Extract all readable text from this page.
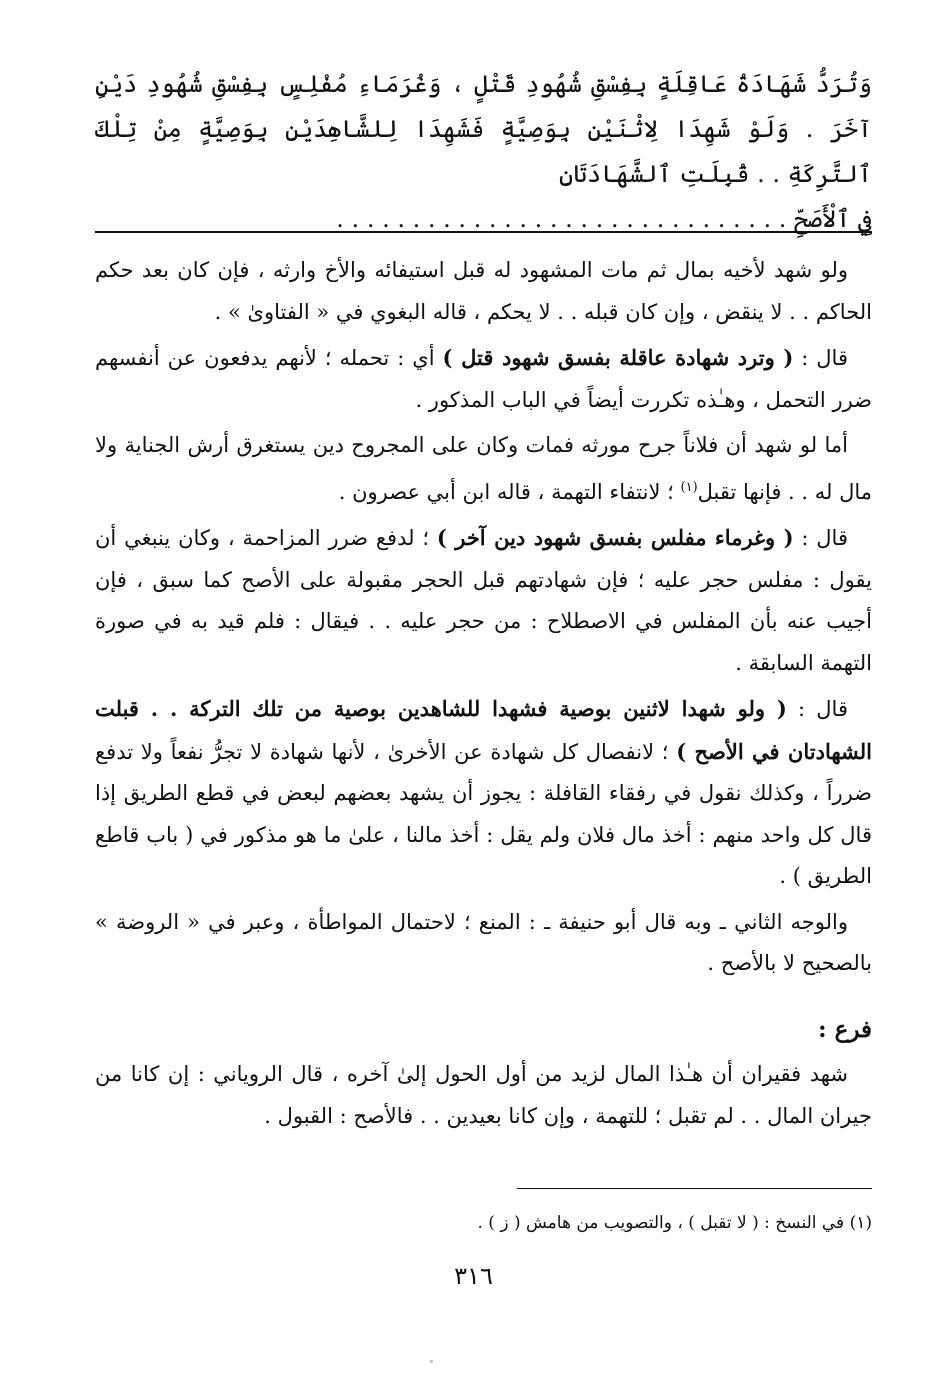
وَتُرَدُّ شَهَادَةُ عَاقِلَةٍ بِفِسْقِ شُهُودِ قَتْلٍ ، وَغُرَمَاءِ مُفْلِسٍ بِفِسْقِ شُهُودِ دَيْنٍ آخَرَ . وَلَوْ شَهِدَا لِاثْنَيْنِ بِوَصِيَّةٍ فَشَهِدَا لِلشَّاهِدَيْنِ بِوَصِيَّةٍ مِنْ تِلْكَ ٱلتَّرِكَةِ . . قُبِلَتِ ٱلشَّهَادَتَانِ

فِي ٱلْأَصَحِّ . . . . . . . . . . . . . . . . . . . . . . . . . . . . . .

ولو شهد لأخيه بمال ثم مات المشهود له قبل استيفائه والأخ وارثه ، فإن كان بعد حكم الحاكم . . لا ينقض ، وإن كان قبله . . لا يحكم ، قاله البغوي في « الفتاوىٰ » .

قال : ( وترد شهادة عاقلة بفسق شهود قتل ) أي : تحمله ؛ لأنهم يدفعون عن أنفسهم ضرر التحمل ، وهـٰذه تكررت أيضاً في الباب المذكور .

أما لو شهد أن فلاناً جرح مورثه فمات وكان على المجروح دين يستغرق أرش الجناية ولا مال له . . فإنها تقبل$^{(١)}$ ؛ لانتفاء التهمة ، قاله ابن أبي عصرون .

قال : ( وغرماء مفلس بفسق شهود دين آخر ) ؛ لدفع ضرر المزاحمة ، وكان ينبغي أن يقول : مفلس حجر عليه ؛ فإن شهادتهم قبل الحجر مقبولة على الأصح كما سبق ، فإن أجيب عنه بأن المفلس في الاصطلاح : من حجر عليه . . فيقال : فلم قيد به في صورة التهمة السابقة .

قال : ( ولو شهدا لاثنين بوصية فشهدا للشاهدين بوصية من تلك التركة . . قبلت الشهادتان في الأصح ) ؛ لانفصال كل شهادة عن الأخرىٰ ، لأنها شهادة لا تجرُّ نفعاً ولا تدفع ضرراً ، وكذلك نقول في رفقاء القافلة : يجوز أن يشهد بعضهم لبعض في قطع الطريق إذا قال كل واحد منهم : أخذ مال فلان ولم يقل : أخذ مالنا ، علىٰ ما هو مذكور في ( باب قاطع الطريق ) .

والوجه الثاني ـ وبه قال أبو حنيفة ـ : المنع ؛ لاحتمال المواطأة ، وعبر في « الروضة » بالصحيح لا بالأصح .

فرع :

شهد فقيران أن هـٰذا المال لزيد من أول الحول إلىٰ آخره ، قال الروياني : إن كانا من جيران المال . . لم تقبل ؛ للتهمة ، وإن كانا بعيدين . . فالأصح : القبول .

(١) في النسخ : ( لا تقبل ) ، والتصويب من هامش ( ز ) .
٣١٦
